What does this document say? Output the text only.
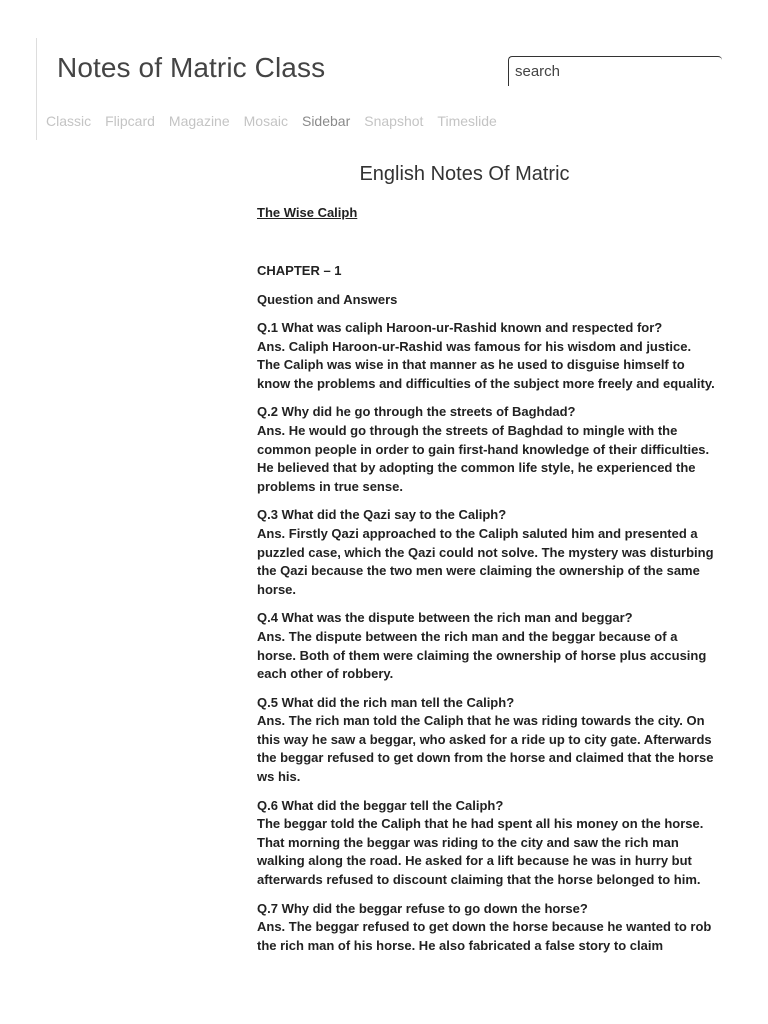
Notes of Matric Class
search
Classic Flipcard Magazine Mosaic Sidebar Snapshot Timeslide
English Notes Of Matric
The Wise Caliph
CHAPTER – 1
Question and Answers

Q.1 What was caliph Haroon-ur-Rashid known and respected for?

Ans. Caliph Haroon-ur-Rashid was famous for his wisdom and justice. The Caliph was wise in that manner as he used to disguise himself to know the problems and difficulties of the subject more freely and equality.

Q.2 Why did he go through the streets of Baghdad?

Ans. He would go through the streets of Baghdad to mingle with the common people in order to gain first-hand knowledge of their difficulties. He believed that by adopting the common life style, he experienced the problems in true sense.

Q.3 What did the Qazi say to the Caliph?

Ans. Firstly Qazi approached to the Caliph saluted him and presented a puzzled case, which the Qazi could not solve. The mystery was disturbing the Qazi because the two men were claiming the ownership of the same horse.

Q.4 What was the dispute between the rich man and beggar?

Ans. The dispute between the rich man and the beggar because of a horse. Both of them were claiming the ownership of horse plus accusing each other of robbery.

Q.5 What did the rich man tell the Caliph?

Ans. The rich man told the Caliph that he was riding towards the city. On this way he saw a beggar, who asked for a ride up to city gate. Afterwards the beggar refused to get down from the horse and claimed that the horse ws his.

Q.6 What did the beggar tell the Caliph?

The beggar told the Caliph that he had spent all his money on the horse. That morning the beggar was riding to the city and saw the rich man walking along the road. He asked for a lift because he was in hurry but afterwards refused to discount claiming that the horse belonged to him.

Q.7 Why did the beggar refuse to go down the horse?

Ans. The beggar refused to get down the horse because he wanted to rob the rich man of his horse. He also fabricated a false story to claim
